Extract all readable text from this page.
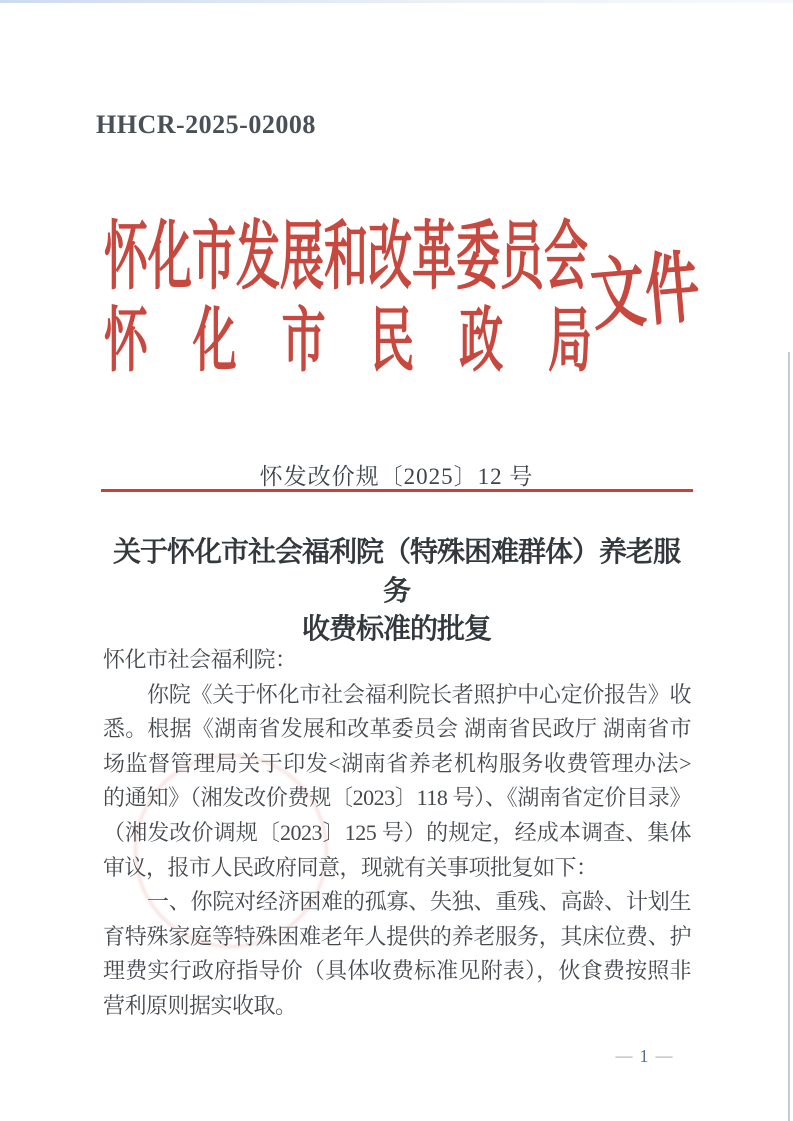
HHCR-2025-02008
怀 化 市 发 展 和 改 革 委 员 会
怀 化 市 民 政 局
文件
怀发改价规〔2025〕12 号
关于怀化市社会福利院（特殊困难群体）养老服务
收费标准的批复
怀化市社会福利院：
你院《关于怀化市社会福利院长者照护中心定价报告》收
悉。根据《湖南省发展和改革委员会 湖南省民政厅 湖南省市
场监督管理局关于印发<湖南省养老机构服务收费管理办法>
的通知》（湘发改价费规〔2023〕118 号）、《湖南省定价目录》
（湘发改价调规〔2023〕125 号）的规定，经成本调查、集体
审议，报市人民政府同意，现就有关事项批复如下：
一、你院对经济困难的孤寡、失独、重残、高龄、计划生
育特殊家庭等特殊困难老年人提供的养老服务，其床位费、护
理费实行政府指导价（具体收费标准见附表），伙食费按照非
营利原则据实收取。
— 1 —
